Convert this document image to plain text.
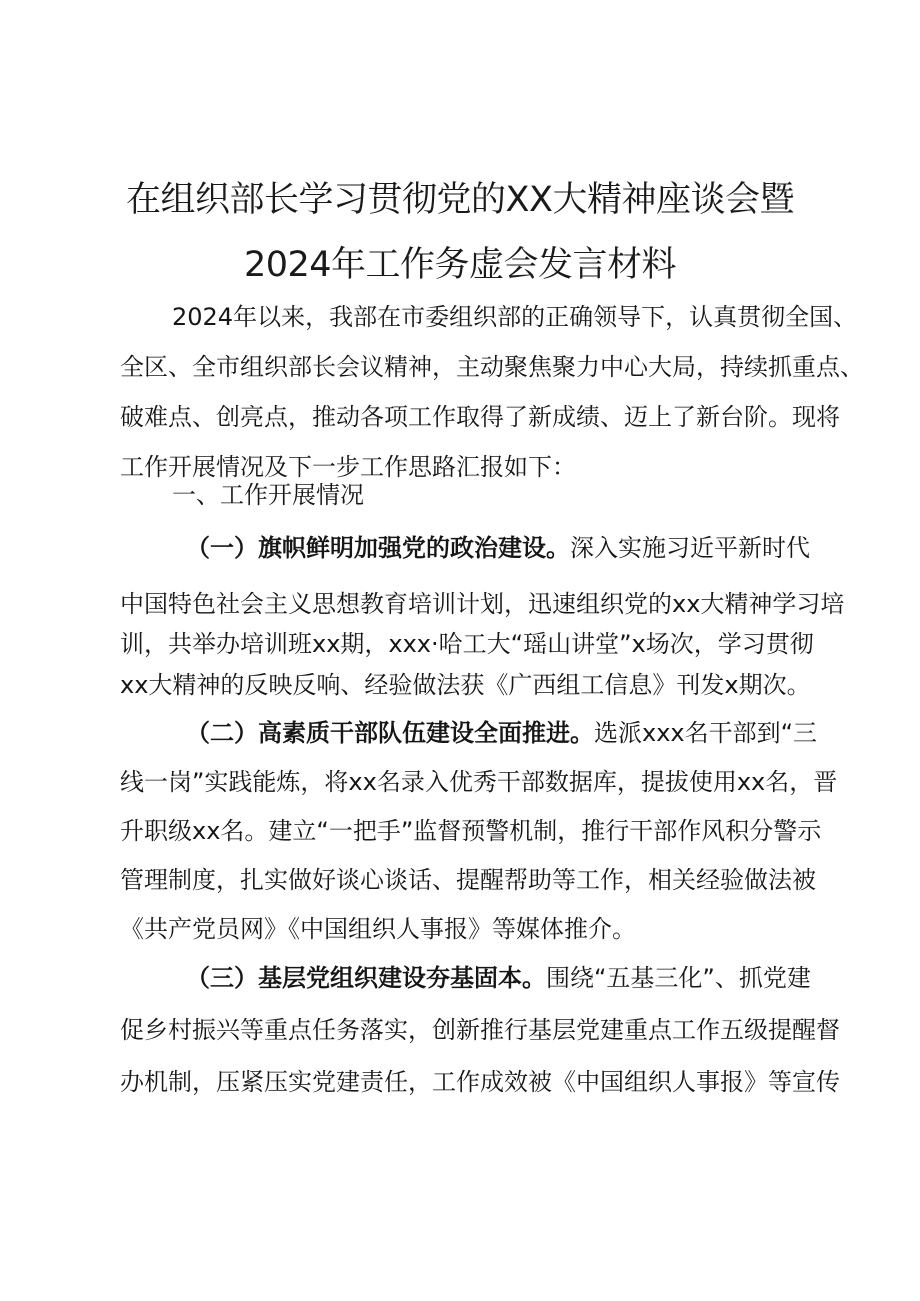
在组织部长学习贯彻党的XX大精神座谈会暨
2024年工作务虚会发言材料
2024年以来，我部在市委组织部的正确领导下，认真贯彻全国、
全区、全市组织部长会议精神，主动聚焦聚力中心大局，持续抓重点、
破难点、创亮点，推动各项工作取得了新成绩、迈上了新台阶。现将
工作开展情况及下一步工作思路汇报如下：
一、工作开展情况
（一）旗帜鲜明加强党的政治建设。深入实施习近平新时代
中国特色社会主义思想教育培训计划，迅速组织党的xx大精神学习培
训，共举办培训班xx期，xxx·哈工大“瑶山讲堂”x场次，学习贯彻
xx大精神的反映反响、经验做法获《广西组工信息》刊发x期次。
（二）高素质干部队伍建设全面推进。选派xxx名干部到“三
线一岗”实践能炼，将xx名录入优秀干部数据库，提拔使用xx名，晋
升职级xx名。建立“一把手”监督预警机制，推行干部作风积分警示
管理制度，扎实做好谈心谈话、提醒帮助等工作，相关经验做法被
《共产党员网》《中国组织人事报》等媒体推介。
（三）基层党组织建设夯基固本。围绕“五基三化”、抓党建
促乡村振兴等重点任务落实，创新推行基层党建重点工作五级提醒督
办机制，压紧压实党建责任，工作成效被《中国组织人事报》等宣传
